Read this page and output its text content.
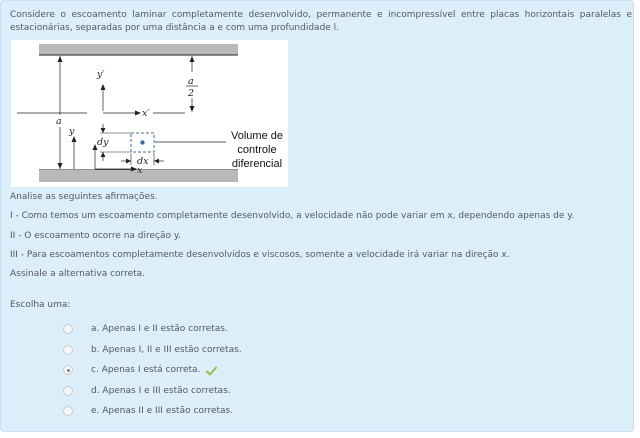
Considere o escoamento laminar completamente desenvolvido, permanente e incompressível entre placas horizontais paralelas e estacionárias, separadas por uma distância a e com uma profundidade l.
y′
a
2
x′
a
y
dy
x
dx
Volume de
controle
diferencial
Analise as seguintes afirmações.
I - Como temos um escoamento completamente desenvolvido, a velocidade não pode variar em x, dependendo apenas de y.
II - O escoamento ocorre na direção y.
III - Para escoamentos completamente desenvolvidos e viscosos, somente a velocidade irá variar na direção x.
Assinale a alternativa correta.
Escolha uma:
a. Apenas I e II estão corretas.
b. Apenas I, II e III estão corretas.
c. Apenas I está correta.
d. Apenas I e III estão corretas.
e. Apenas II e III estão corretas.
